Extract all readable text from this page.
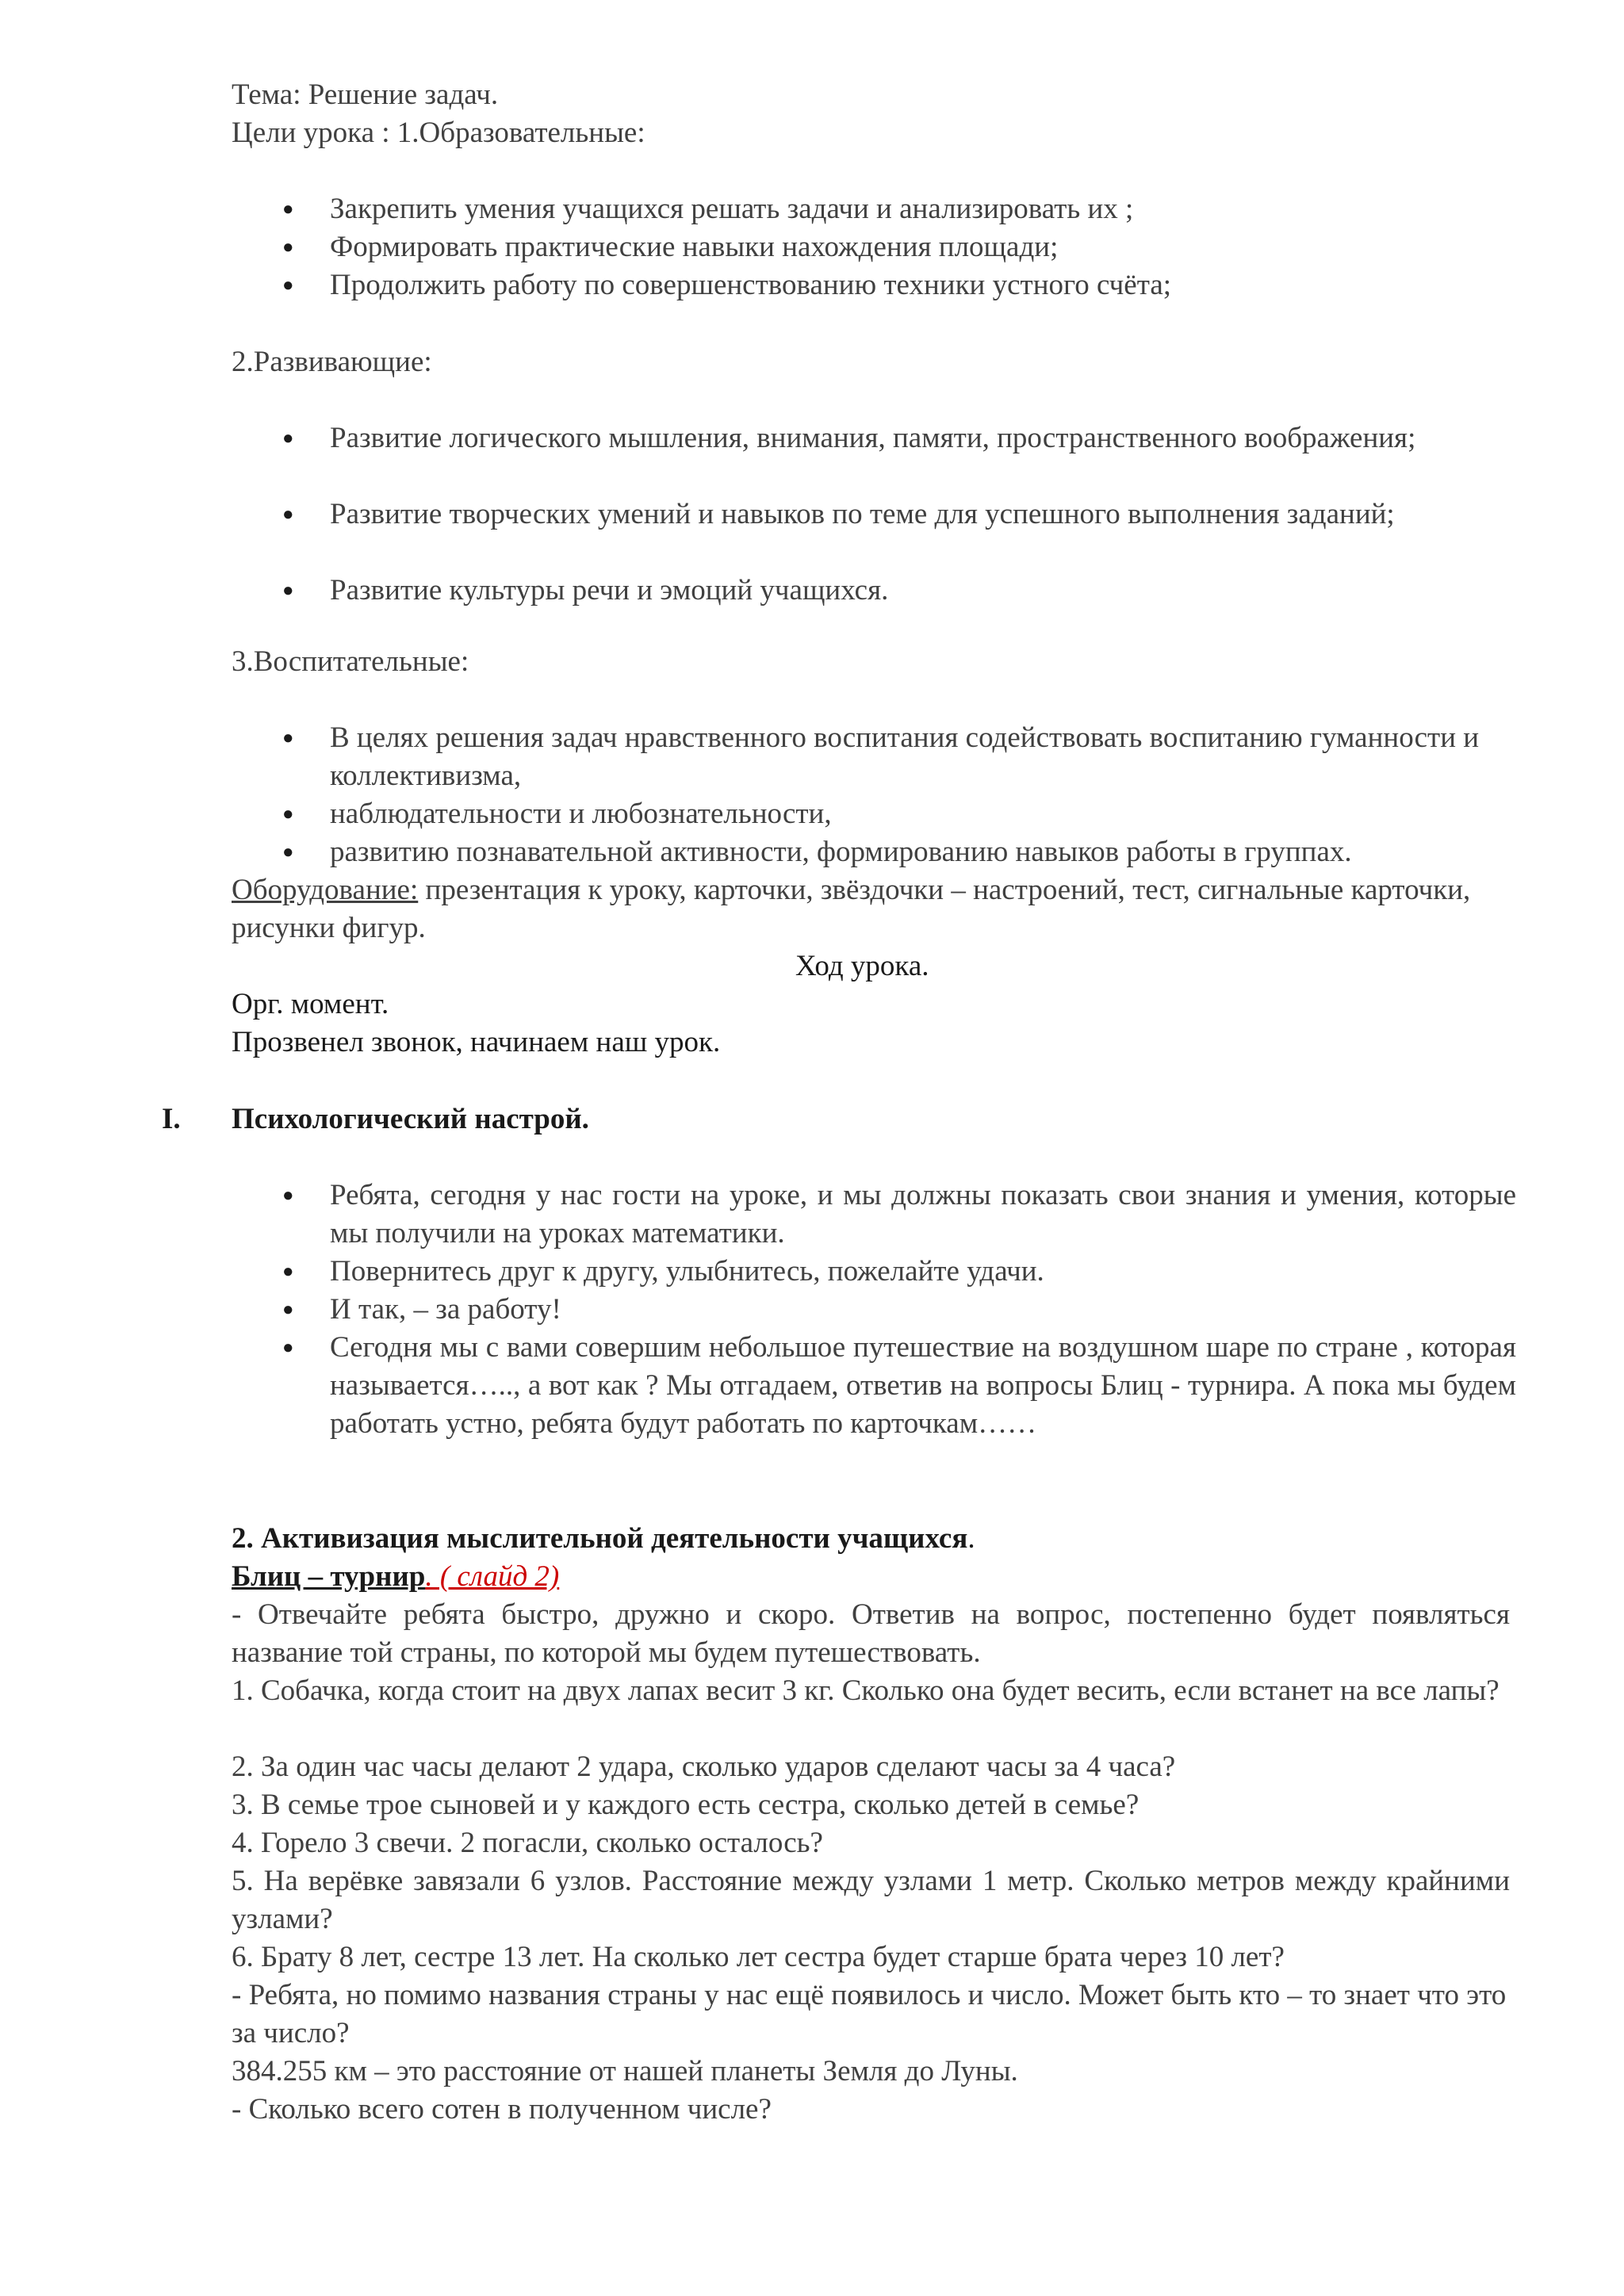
Тема: Решение задач.
Цели урока : 1.Образовательные:
● Закрепить умения учащихся решать задачи и анализировать их ;
● Формировать практические навыки нахождения площади;
● Продолжить работу по совершенствованию техники устного счёта;
2.Развивающие:
● Развитие логического мышления, внимания, памяти, пространственного воображения;
● Развитие творческих умений и навыков по теме для успешного выполнения заданий;
● Развитие культуры речи и эмоций учащихся.
3.Воспитательные:
● В целях решения задач нравственного воспитания содействовать воспитанию гуманности и коллективизма,
● наблюдательности и любознательности,
● развитию познавательной активности, формированию навыков работы в группах.
Оборудование: презентация к уроку, карточки, звёздочки – настроений, тест, сигнальные карточки, рисунки фигур.
Ход урока.
Орг. момент.
Прозвенел звонок, начинаем наш урок.
I. Психологический настрой.
● Ребята, сегодня у нас гости на уроке, и мы должны показать свои знания и умения, которые мы получили на уроках математики.
● Повернитесь друг к другу, улыбнитесь, пожелайте удачи.
● И так, – за работу!
● Сегодня мы с вами совершим небольшое путешествие на воздушном шаре по стране , которая называется….., а вот как ? Мы отгадаем, ответив на вопросы Блиц - турнира. А пока мы будем работать устно, ребята будут работать по карточкам……
2. Активизация мыслительной деятельности учащихся.
Блиц – турнир. ( слайд 2)
- Отвечайте ребята быстро, дружно и скоро. Ответив на вопрос, постепенно будет появляться название той страны, по которой мы будем путешествовать.
1. Собачка, когда стоит на двух лапах весит 3 кг. Сколько она будет весить, если встанет на все лапы?
2. За один час часы делают 2 удара, сколько ударов сделают часы за 4 часа?
3. В семье трое сыновей и у каждого есть сестра, сколько детей в семье?
4. Горело 3 свечи. 2 погасли, сколько осталось?
5. На верёвке завязали 6 узлов. Расстояние между узлами 1 метр. Сколько метров между крайними узлами?
6. Брату 8 лет, сестре 13 лет. На сколько лет сестра будет старше брата через 10 лет?
- Ребята, но помимо названия страны у нас ещё появилось и число. Может быть кто – то знает что это за число?
384.255 км – это расстояние от нашей планеты Земля до Луны.
- Сколько всего сотен в полученном числе?
